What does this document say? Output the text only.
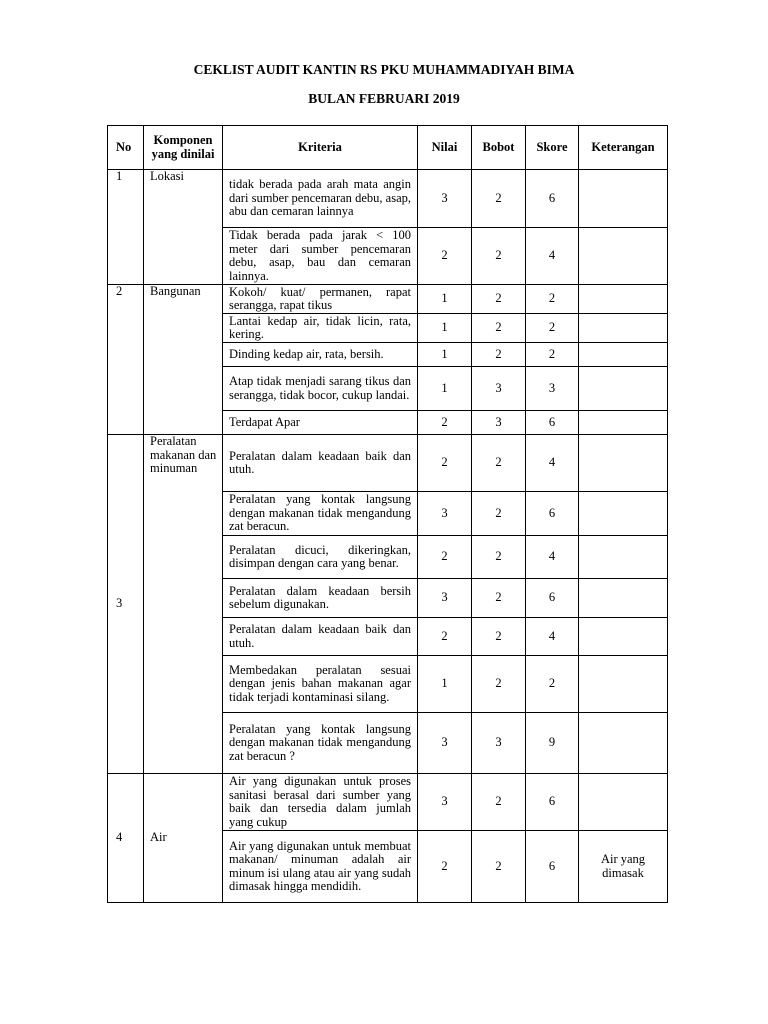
CEKLIST AUDIT KANTIN RS PKU MUHAMMADIYAH BIMA
BULAN FEBRUARI 2019
No	Komponen yang dinilai	Kriteria	Nilai	Bobot	Skore	Keterangan
1	Lokasi	tidak berada pada arah mata angin dari sumber pencemaran debu, asap, abu dan cemaran lainnya	3	2	6	
		Tidak berada pada jarak < 100 meter dari sumber pencemaran debu, asap, bau dan cemaran lainnya.	2	2	4	
2	Bangunan	Kokoh/ kuat/ permanen, rapat serangga, rapat tikus	1	2	2	
		Lantai kedap air, tidak licin, rata, kering.	1	2	2	
		Dinding kedap air, rata, bersih.	1	2	2	
		Atap tidak menjadi sarang tikus dan serangga, tidak bocor, cukup landai.	1	3	3	
		Terdapat Apar	2	3	6	
3	Peralatan makanan dan minuman	Peralatan dalam keadaan baik dan utuh.	2	2	4	
		Peralatan yang kontak langsung dengan makanan tidak mengandung zat beracun.	3	2	6	
		Peralatan dicuci, dikeringkan, disimpan dengan cara yang benar.	2	2	4	
		Peralatan dalam keadaan bersih sebelum digunakan.	3	2	6	
		Peralatan dalam keadaan baik dan utuh.	2	2	4	
		Membedakan peralatan sesuai dengan jenis bahan makanan agar tidak terjadi kontaminasi silang.	1	2	2	
		Peralatan yang kontak langsung dengan makanan tidak mengandung zat beracun ?	3	3	9	
4	Air	Air yang digunakan untuk proses sanitasi berasal dari sumber yang baik dan tersedia dalam jumlah yang cukup	3	2	6	
		Air yang digunakan untuk membuat makanan/ minuman adalah air minum isi ulang atau air yang sudah dimasak hingga mendidih.	2	2	6	Air yang dimasak
